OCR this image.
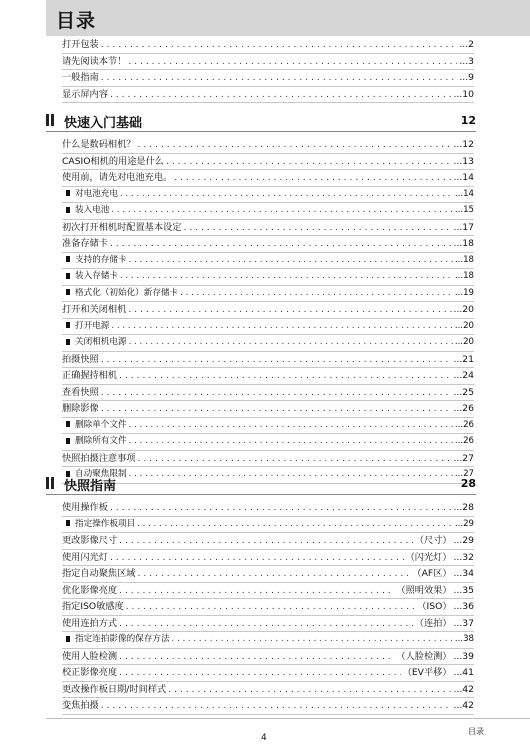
目录
打开包装 . . .	... 2
请先阅读本节！ . . .	... 3
一般指南 . . .	... 9
显示屏内容 . . .	... 10
快速入门基础	12
什么是数码相机？ . . .	... 12
CASIO相机的用途是什么 . . .	... 13
使用前，请先对电池充电。 . . .	... 14
对电池充电 . . .	... 14
装入电池 . . .	... 15
初次打开相机时配置基本设定 . . .	... 17
准备存储卡 . . .	... 18
支持的存储卡 . . .	... 18
装入存储卡 . . .	... 18
格式化（初始化）新存储卡 . . .	... 19
打开和关闭相机 . . .	... 20
打开电源 . . .	... 20
关闭相机电源 . . .	... 20
拍摄快照 . . .	... 21
正确握持相机 . . .	... 24
查看快照 . . .	... 25
删除影像 . . .	... 26
删除单个文件 . . .	... 26
删除所有文件 . . .	... 26
快照拍摄注意事项 . . .	... 27
自动聚焦限制 . . .	... 27
快照指南	28
使用操作板 . . .	... 28
指定操作板项目 . . .	... 29
更改影像尺寸 . . .	（尺寸） ... 29
使用闪光灯 . . .	（闪光灯） ... 32
指定自动聚焦区域 . . .	（AF区） ... 34
优化影像亮度 . . .	（照明效果） ... 35
指定ISO敏感度 . . .	（ISO） ... 36
使用连拍方式 . . .	（连拍） ... 37
指定连拍影像的保存方法 . . .	... 38
使用人脸检测 . . .	（人脸检测） ... 39
校正影像亮度 . . .	（EV平移） ... 41
更改操作板日期/时间样式 . . .	... 42
变焦拍摄 . . .	... 42
4
目录
